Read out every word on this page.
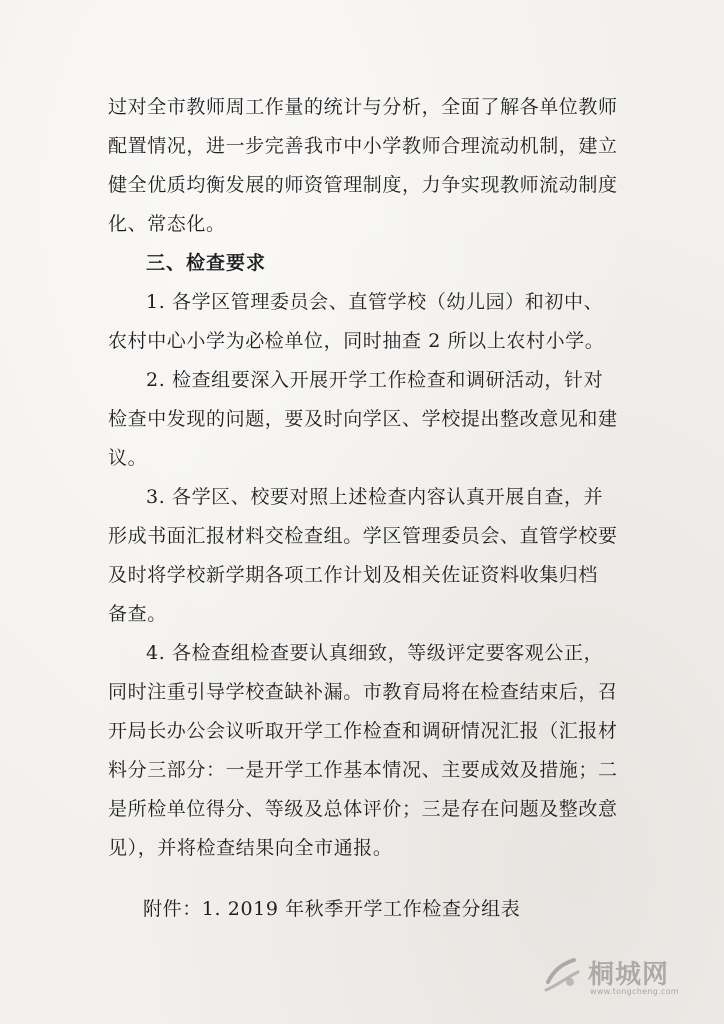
过对全市教师周工作量的统计与分析，全面了解各单位教师
配置情况，进一步完善我市中小学教师合理流动机制，建立
健全优质均衡发展的师资管理制度，力争实现教师流动制度
化、常态化。
三、检查要求
1. 各学区管理委员会、直管学校（幼儿园）和初中、
农村中心小学为必检单位，同时抽查 2 所以上农村小学。
2. 检查组要深入开展开学工作检查和调研活动，针对
检查中发现的问题，要及时向学区、学校提出整改意见和建
议。
3. 各学区、校要对照上述检查内容认真开展自查，并
形成书面汇报材料交检查组。学区管理委员会、直管学校要
及时将学校新学期各项工作计划及相关佐证资料收集归档
备查。
4. 各检查组检查要认真细致，等级评定要客观公正，
同时注重引导学校查缺补漏。市教育局将在检查结束后，召
开局长办公会议听取开学工作检查和调研情况汇报（汇报材
料分三部分：一是开学工作基本情况、主要成效及措施；二
是所检单位得分、等级及总体评价；三是存在问题及整改意
见），并将检查结果向全市通报。
附件：1. 2019 年秋季开学工作检查分组表
桐城网
www.tongcheng.com
